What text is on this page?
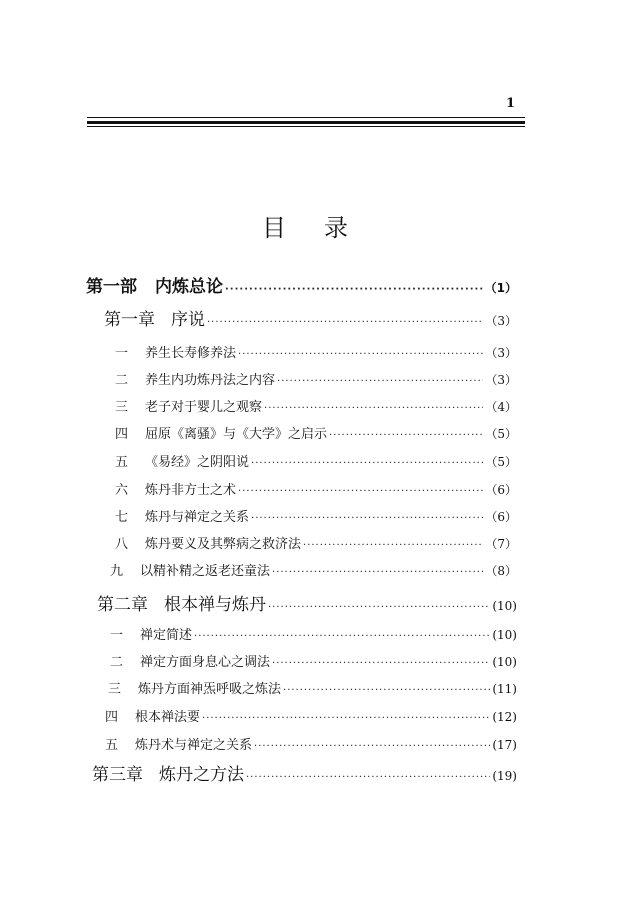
1
目录
第一部 内炼总论 ·····	（1）
第一章 序说 ·····	（3）
一 养生长寿修养法 ·····	（3）
二 养生内功炼丹法之内容 ·····	（3）
三 老子对于婴儿之观察 ·····	（4）
四 屈原《离骚》与《大学》之启示 ·····	（5）
五 《易经》之阴阳说 ·····	（5）
六 炼丹非方士之术 ·····	（6）
七 炼丹与禅定之关系 ·····	（6）
八 炼丹要义及其弊病之救济法 ·····	（7）
九 以精补精之返老还童法 ·····	（8）
第二章 根本禅与炼丹 ·····	(10)
一 禅定简述 ·····	(10)
二 禅定方面身息心之调法 ·····	(10)
三 炼丹方面神炁呼吸之炼法 ·····	(11)
四 根本禅法要 ·····	(12)
五 炼丹术与禅定之关系 ·····	(17)
第三章 炼丹之方法 ·····	(19)
